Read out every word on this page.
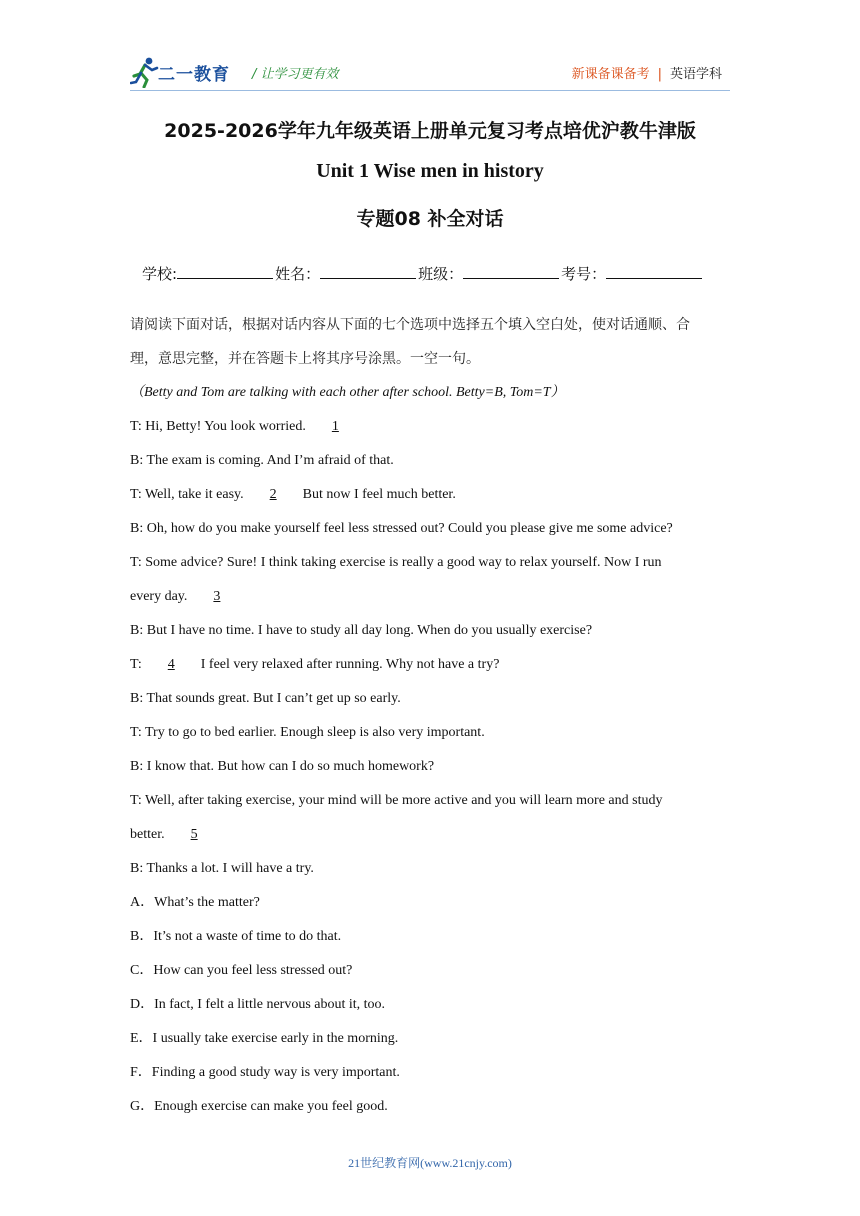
二一教育 / 让学习更有效	新课备课备考 | 英语学科
2025-2026学年九年级英语上册单元复习考点培优沪教牛津版
Unit 1 Wise men in history
专题08 补全对话
学校:	姓名：	班级：	考号：
请阅读下面对话，根据对话内容从下面的七个选项中选择五个填入空白处，使对话通顺、合
理，意思完整，并在答题卡上将其序号涂黑。一空一句。
（Betty and Tom are talking with each other after school. Betty=B, Tom=T）
T: Hi, Betty! You look worried. 1
B: The exam is coming. And I’m afraid of that.
T: Well, take it easy. 2 But now I feel much better.
B: Oh, how do you make yourself feel less stressed out? Could you please give me some advice?
T: Some advice? Sure! I think taking exercise is really a good way to relax yourself. Now I run
every day. 3
B: But I have no time. I have to study all day long. When do you usually exercise?
T: 4 I feel very relaxed after running. Why not have a try?
B: That sounds great. But I can’t get up so early.
T: Try to go to bed earlier. Enough sleep is also very important.
B: I know that. But how can I do so much homework?
T: Well, after taking exercise, your mind will be more active and you will learn more and study
better. 5
B: Thanks a lot. I will have a try.
A．What’s the matter?
B．It’s not a waste of time to do that.
C．How can you feel less stressed out?
D．In fact, I felt a little nervous about it, too.
E．I usually take exercise early in the morning.
F．Finding a good study way is very important.
G．Enough exercise can make you feel good.
21世纪教育网(www.21cnjy.com)
